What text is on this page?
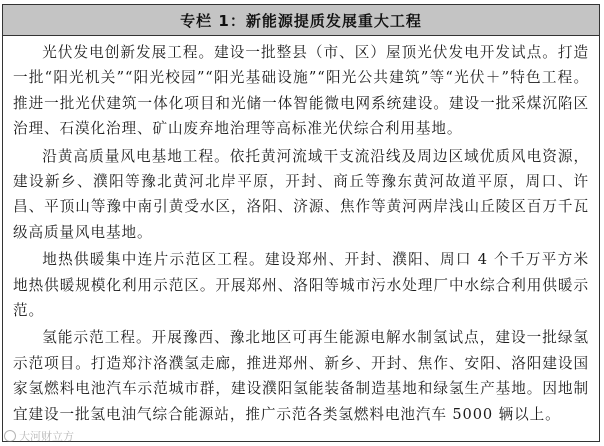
专栏 1：新能源提质发展重大工程

光伏发电创新发展工程。建设一批整县（市、区）屋顶光伏发电开发试点。打造一批“阳光机关”“阳光校园”“阳光基础设施”“阳光公共建筑”等“光伏＋”特色工程。推进一批光伏建筑一体化项目和光储一体智能微电网系统建设。建设一批采煤沉陷区治理、石漠化治理、矿山废弃地治理等高标准光伏综合利用基地。

沿黄高质量风电基地工程。依托黄河流域干支流沿线及周边区域优质风电资源，建设新乡、濮阳等豫北黄河北岸平原，开封、商丘等豫东黄河故道平原，周口、许昌、平顶山等豫中南引黄受水区，洛阳、济源、焦作等黄河两岸浅山丘陵区百万千瓦级高质量风电基地。

地热供暖集中连片示范区工程。建设郑州、开封、濮阳、周口 4 个千万平方米地热供暖规模化利用示范区。开展郑州、洛阳等城市污水处理厂中水综合利用供暖示范。

氢能示范工程。开展豫西、豫北地区可再生能源电解水制氢试点，建设一批绿氢示范项目。打造郑汴洛濮氢走廊，推进郑州、新乡、开封、焦作、安阳、洛阳建设国家氢燃料电池汽车示范城市群，建设濮阳氢能装备制造基地和绿氢生产基地。因地制宜建设一批氢电油气综合能源站，推广示范各类氢燃料电池汽车 5000 辆以上。

大河财立方
